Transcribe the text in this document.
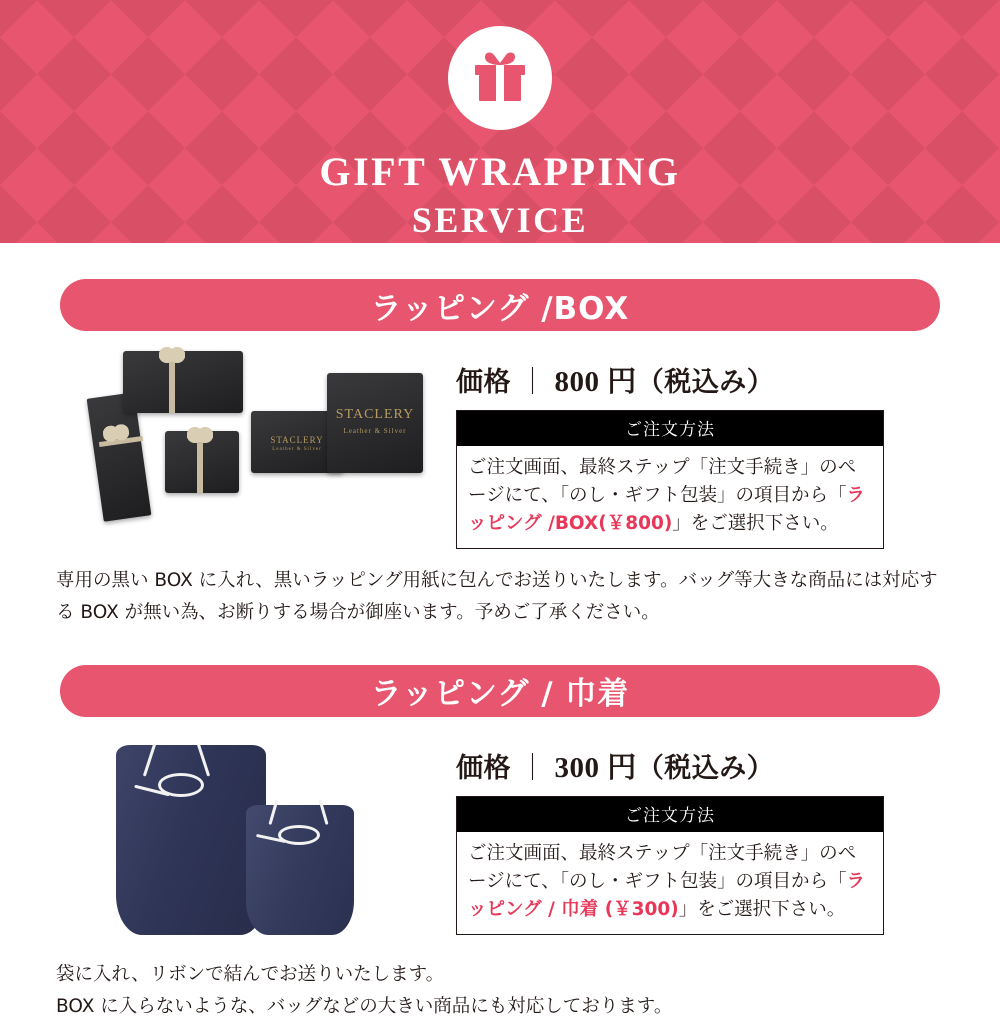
GIFT WRAPPING
SERVICE
ラッピング /BOX
STACLERY
Leather & Silver
STACLERY
Leather & Silver
価格 ｜ 800 円（税込み）
ご注文方法
ご注文画面、最終ステップ「注文手続き」のページにて、「のし・ギフト包装」の項目から「ラッピング /BOX(￥800)」をご選択下さい。
専用の黒い BOX に入れ、黒いラッピング用紙に包んでお送りいたします。バッグ等大きな商品には対応する BOX が無い為、お断りする場合が御座います。予めご了承ください。
ラッピング / 巾着
価格 ｜ 300 円（税込み）
ご注文方法
ご注文画面、最終ステップ「注文手続き」のページにて、「のし・ギフト包装」の項目から「ラッピング / 巾着 (￥300)」をご選択下さい。
袋に入れ、リボンで結んでお送りいたします。
BOX に入らないような、バッグなどの大きい商品にも対応しております。
